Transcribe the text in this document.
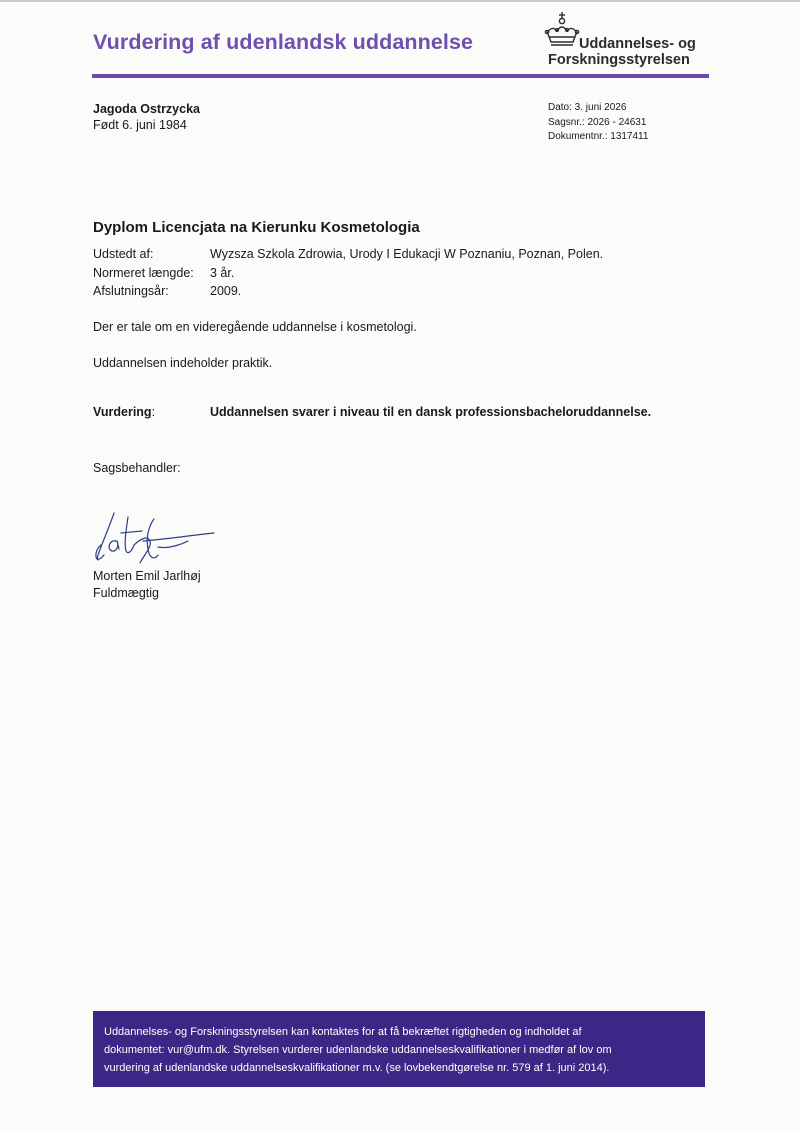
Vurdering af udenlandsk uddannelse	Uddannelses- og
Forskningsstyrelsen
Jagoda Ostrzycka
Født 6. juni 1984
Dato: 3. juni 2026
Sagsnr.: 2026 - 24631
Dokumentnr.: 1317411
Dyplom Licencjata na Kierunku Kosmetologia
Udstedt af:	Wyzsza Szkola Zdrowia, Urody I Edukacji W Poznaniu, Poznan, Polen.
Normeret længde:	3 år.
Afslutningsår:	2009.
Der er tale om en videregående uddannelse i kosmetologi.
Uddannelsen indeholder praktik.
Vurdering:	Uddannelsen svarer i niveau til en dansk professionsbacheloruddannelse.
Sagsbehandler:
Morten Emil Jarlhøj
Fuldmægtig
Uddannelses- og Forskningsstyrelsen kan kontaktes for at få bekræftet rigtigheden og indholdet af
dokumentet: vur@ufm.dk. Styrelsen vurderer udenlandske uddannelseskvalifikationer i medfør af lov om
vurdering af udenlandske uddannelseskvalifikationer m.v. (se lovbekendtgørelse nr. 579 af 1. juni 2014).
